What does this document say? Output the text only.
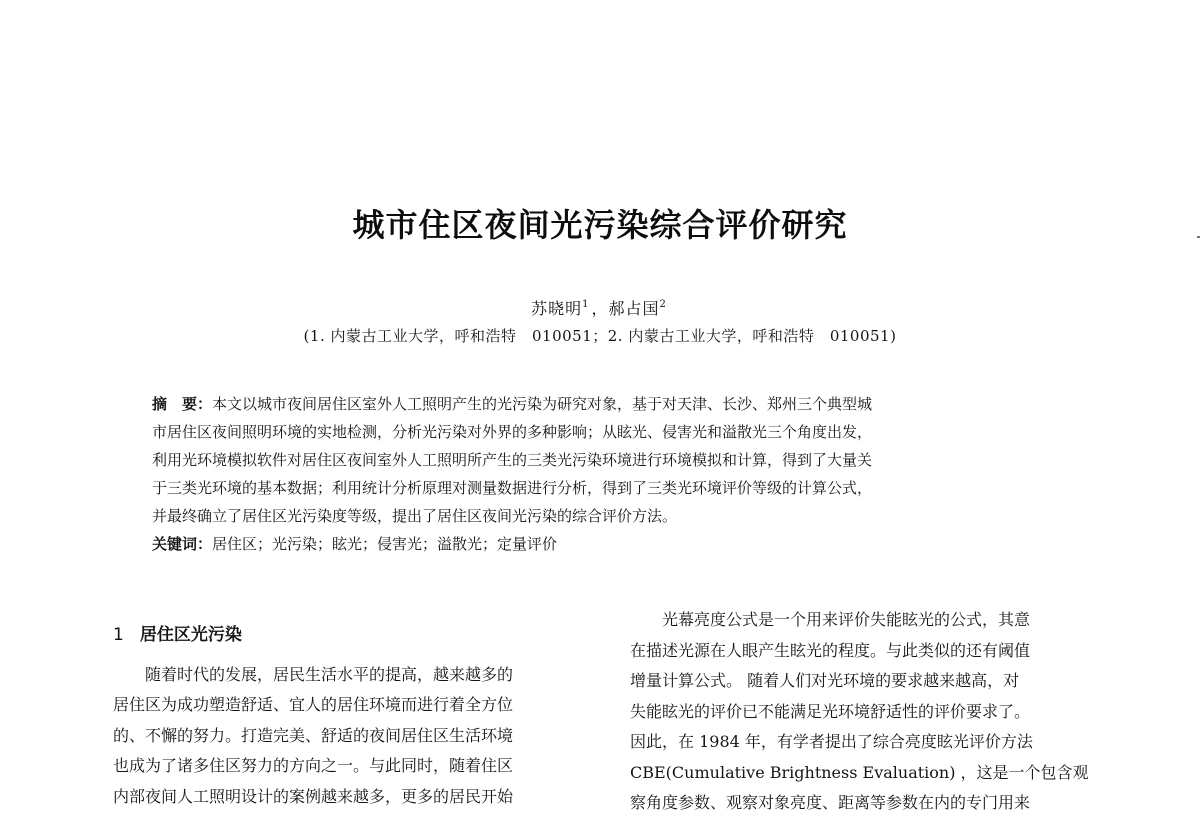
城市住区夜间光污染综合评价研究
苏晓明$^1$ ，郝占国$^2$
(1. 内蒙古工业大学，呼和浩特　010051；2. 内蒙古工业大学，呼和浩特　010051)
摘　要：本文以城市夜间居住区室外人工照明产生的光污染为研究对象，基于对天津、长沙、郑州三个典型城
市居住区夜间照明环境的实地检测，分析光污染对外界的多种影响；从眩光、侵害光和溢散光三个角度出发，
利用光环境模拟软件对居住区夜间室外人工照明所产生的三类光污染环境进行环境模拟和计算，得到了大量关
于三类光环境的基本数据；利用统计分析原理对测量数据进行分析，得到了三类光环境评价等级的计算公式，
并最终确立了居住区光污染度等级，提出了居住区夜间光污染的综合评价方法。
关键词：居住区；光污染；眩光；侵害光；溢散光；定量评价
1 居住区光污染
随着时代的发展，居民生活水平的提高，越来越多的
居住区为成功塑造舒适、宜人的居住环境而进行着全方位
的、不懈的努力。打造完美、舒适的夜间居住区生活环境
也成为了诸多住区努力的方向之一。与此同时，随着住区
内部夜间人工照明设计的案例越来越多，更多的居民开始
光幕亮度公式是一个用来评价失能眩光的公式，其意
在描述光源在人眼产生眩光的程度。与此类似的还有阈值
增量计算公式。 随着人们对光环境的要求越来越高，对
失能眩光的评价已不能满足光环境舒适性的评价要求了。
因此，在 1984 年，有学者提出了综合亮度眩光评价方法
CBE(Cumulative Brightness Evaluation) ，这是一个包含观
察角度参数、观察对象亮度、距离等参数在内的专门用来
